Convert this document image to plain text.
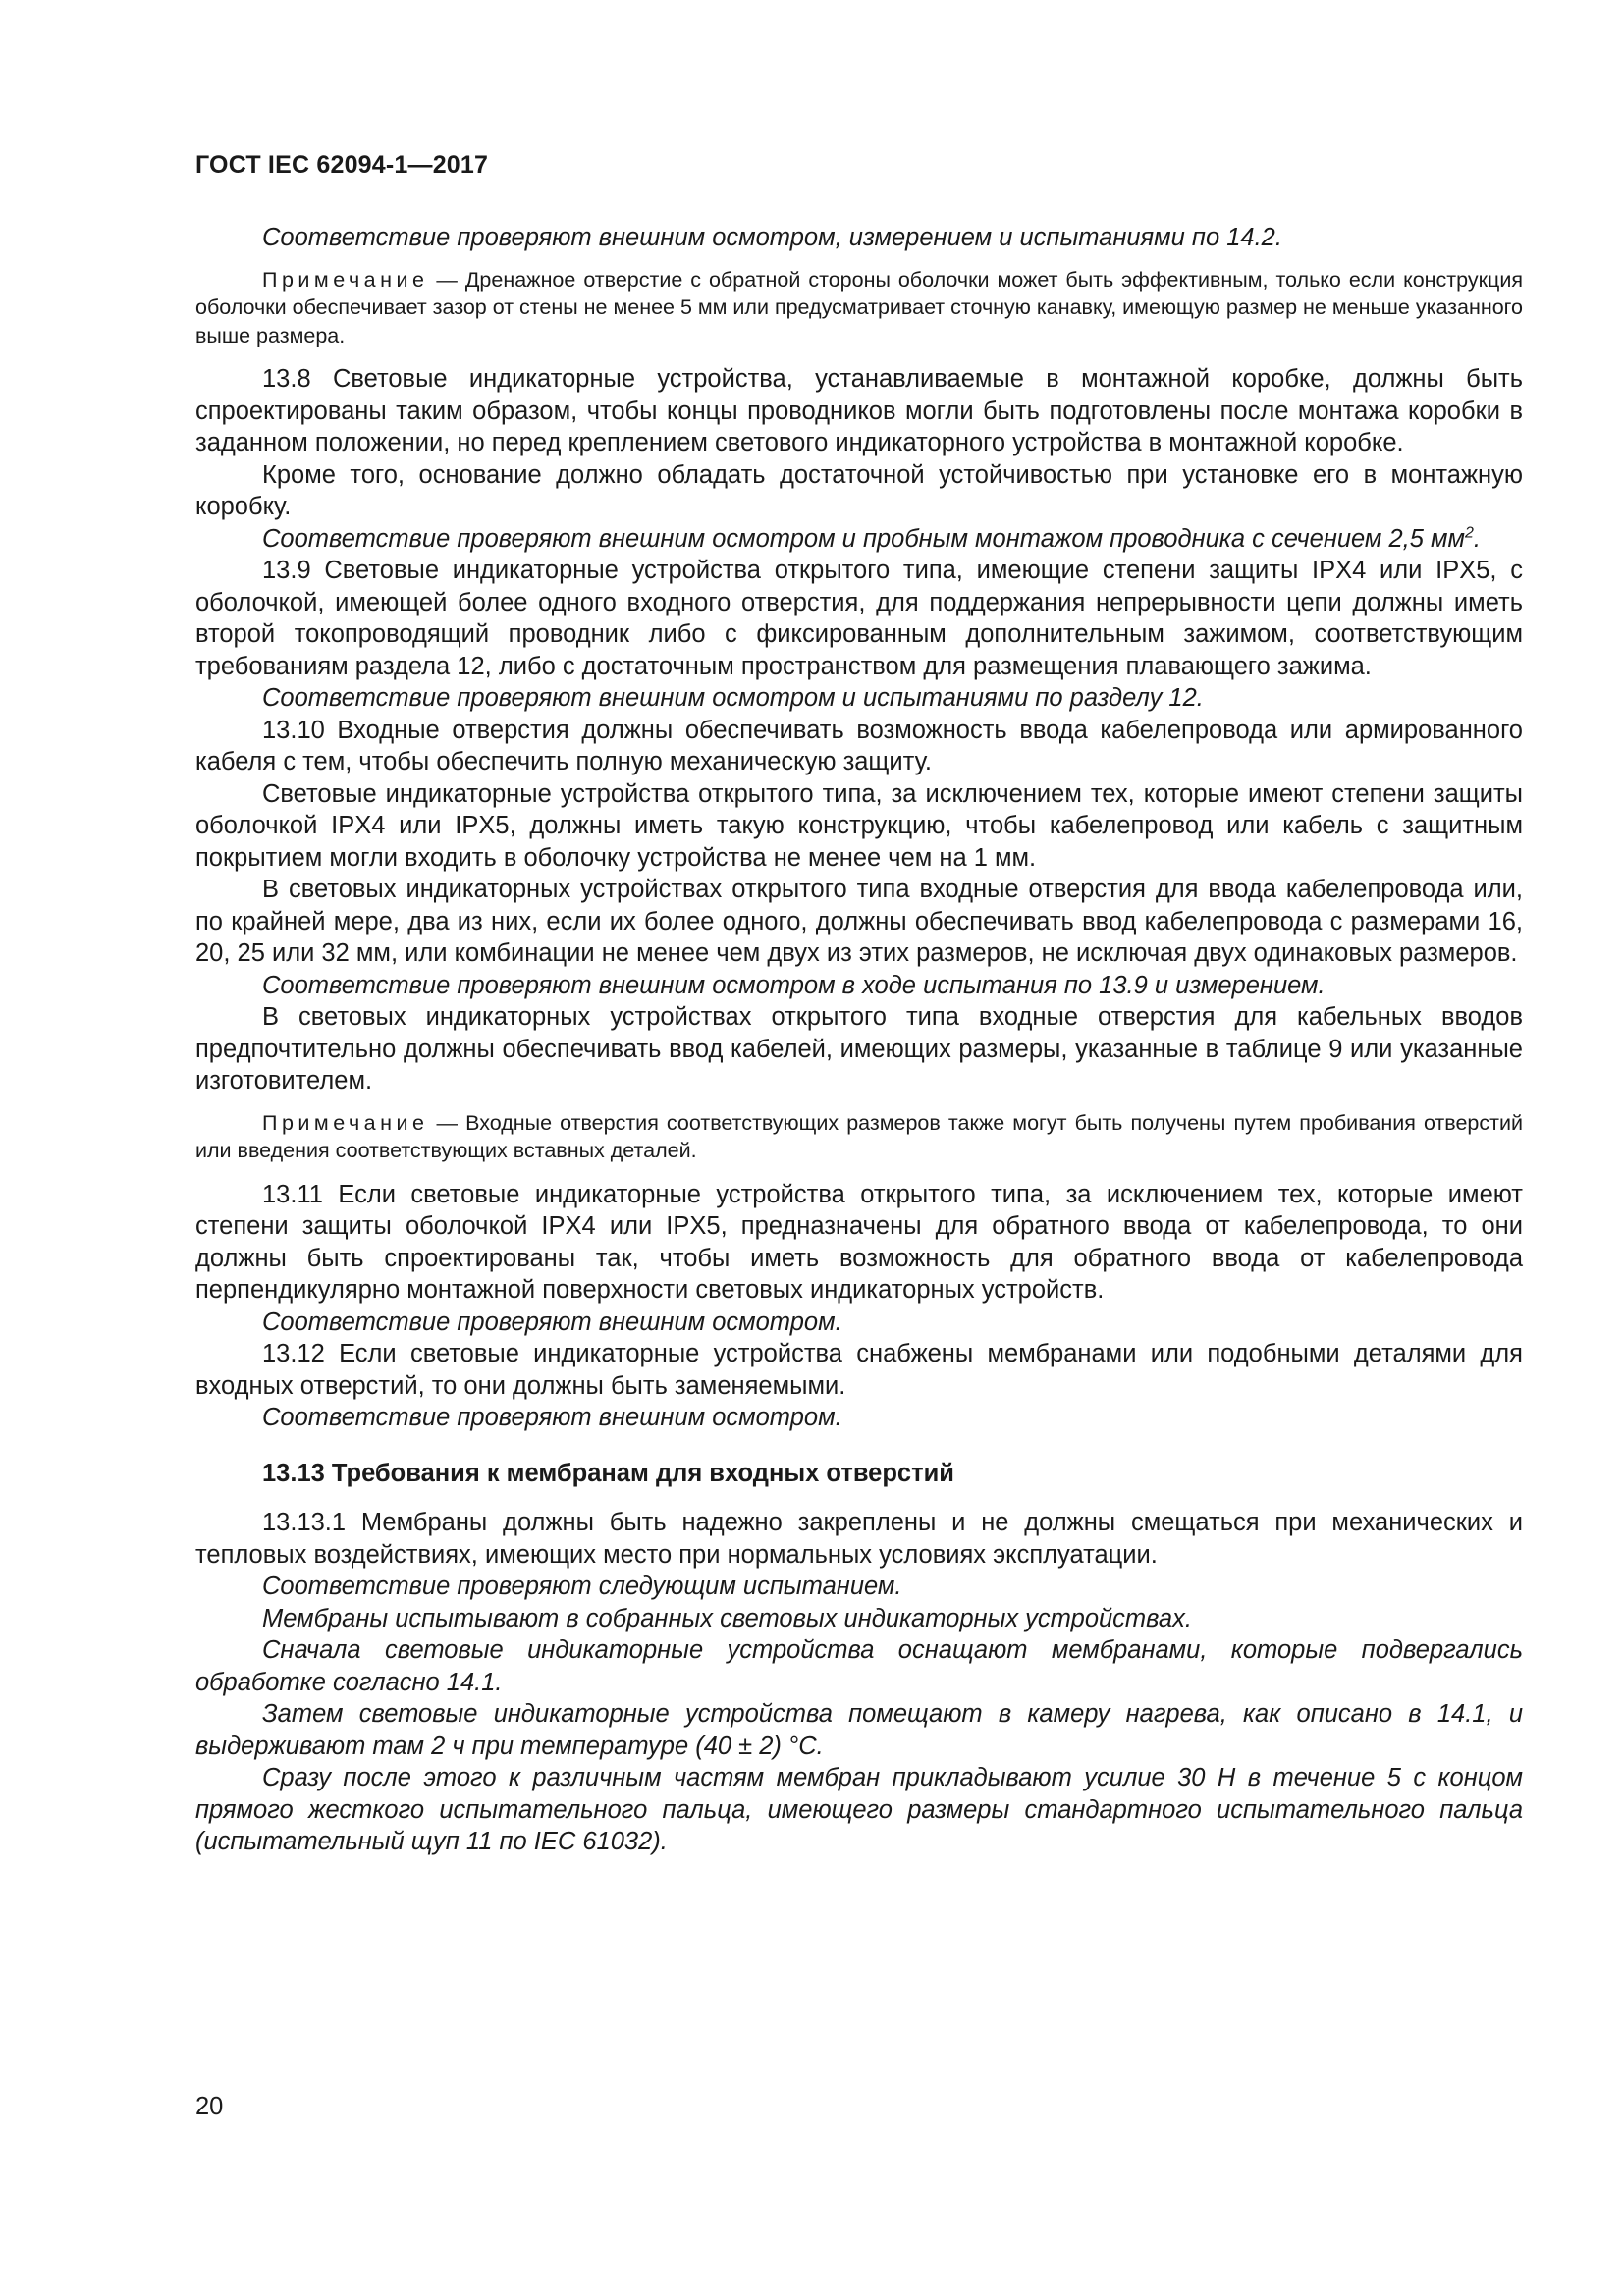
ГОСТ IEC 62094-1—2017

Соответствие проверяют внешним осмотром, измерением и испытаниями по 14.2.

Примечание — Дренажное отверстие с обратной стороны оболочки может быть эффективным, только если конструкция оболочки обеспечивает зазор от стены не менее 5 мм или предусматривает сточную канавку, имеющую размер не меньше указанного выше размера.

13.8 Световые индикаторные устройства, устанавливаемые в монтажной коробке, должны быть спроектированы таким образом, чтобы концы проводников могли быть подготовлены после монтажа коробки в заданном положении, но перед креплением светового индикаторного устройства в монтажной коробке.

Кроме того, основание должно обладать достаточной устойчивостью при установке его в монтажную коробку.

Соответствие проверяют внешним осмотром и пробным монтажом проводника с сечением 2,5 $мм^2$.

13.9 Световые индикаторные устройства открытого типа, имеющие степени защиты IPX4 или IPX5, с оболочкой, имеющей более одного входного отверстия, для поддержания непрерывности цепи должны иметь второй токопроводящий проводник либо с фиксированным дополнительным зажимом, соответствующим требованиям раздела 12, либо с достаточным пространством для размещения плавающего зажима.

Соответствие проверяют внешним осмотром и испытаниями по разделу 12.

13.10 Входные отверстия должны обеспечивать возможность ввода кабелепровода или армированного кабеля с тем, чтобы обеспечить полную механическую защиту.

Световые индикаторные устройства открытого типа, за исключением тех, которые имеют степени защиты оболочкой IPX4 или IPX5, должны иметь такую конструкцию, чтобы кабелепровод или кабель с защитным покрытием могли входить в оболочку устройства не менее чем на 1 мм.

В световых индикаторных устройствах открытого типа входные отверстия для ввода кабелепровода или, по крайней мере, два из них, если их более одного, должны обеспечивать ввод кабелепровода с размерами 16, 20, 25 или 32 мм, или комбинации не менее чем двух из этих размеров, не исключая двух одинаковых размеров.

Соответствие проверяют внешним осмотром в ходе испытания по 13.9 и измерением.

В световых индикаторных устройствах открытого типа входные отверстия для кабельных вводов предпочтительно должны обеспечивать ввод кабелей, имеющих размеры, указанные в таблице 9 или указанные изготовителем.

Примечание — Входные отверстия соответствующих размеров также могут быть получены путем пробивания отверстий или введения соответствующих вставных деталей.

13.11 Если световые индикаторные устройства открытого типа, за исключением тех, которые имеют степени защиты оболочкой IPX4 или IPX5, предназначены для обратного ввода от кабелепровода, то они должны быть спроектированы так, чтобы иметь возможность для обратного ввода от кабелепровода перпендикулярно монтажной поверхности световых индикаторных устройств.

Соответствие проверяют внешним осмотром.

13.12 Если световые индикаторные устройства снабжены мембранами или подобными деталями для входных отверстий, то они должны быть заменяемыми.

Соответствие проверяют внешним осмотром.

13.13 Требования к мембранам для входных отверстий

13.13.1 Мембраны должны быть надежно закреплены и не должны смещаться при механических и тепловых воздействиях, имеющих место при нормальных условиях эксплуатации.

Соответствие проверяют следующим испытанием.

Мембраны испытывают в собранных световых индикаторных устройствах.

Сначала световые индикаторные устройства оснащают мембранами, которые подвергались обработке согласно 14.1.

Затем световые индикаторные устройства помещают в камеру нагрева, как описано в 14.1, и выдерживают там 2 ч при температуре (40 ± 2) °С.

Сразу после этого к различным частям мембран прикладывают усилие 30 Н в течение 5 с концом прямого жесткого испытательного пальца, имеющего размеры стандартного испытательного пальца (испытательный щуп 11 по IEC 61032).

20
